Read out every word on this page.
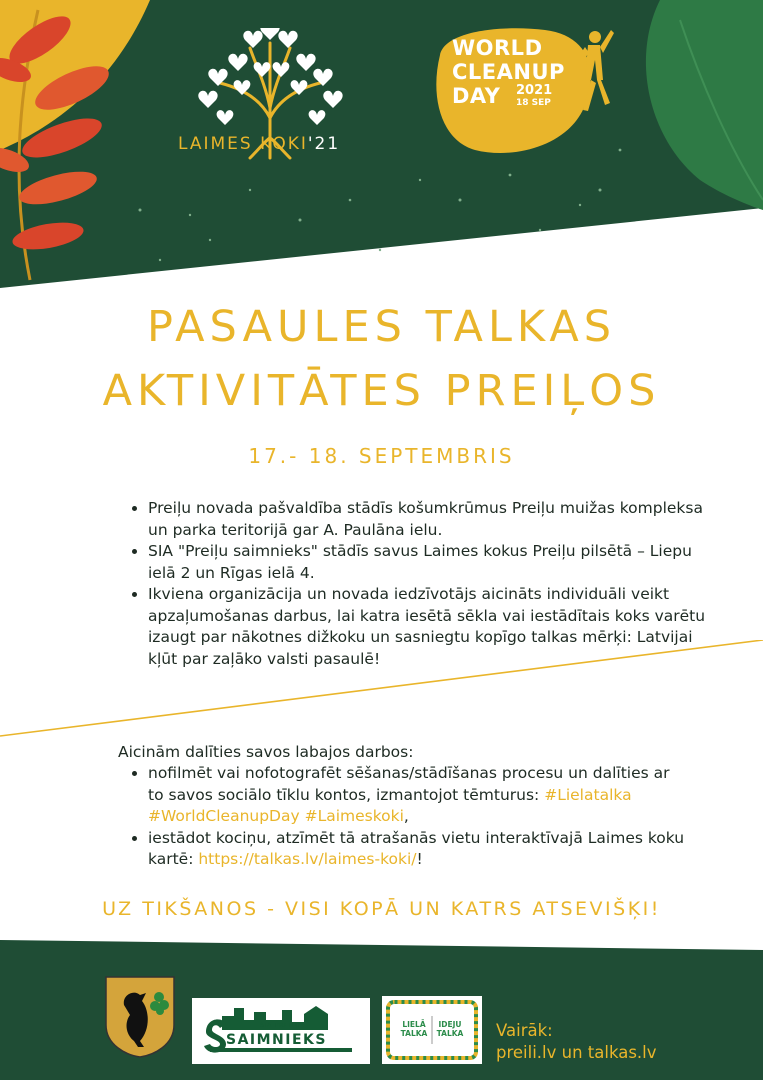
LAIMES KOKI'21

WORLD

CLEANUP

DAY 2021

18 SEP

PASAULES TALKAS
AKTIVITĀTES PREIĻOS

17.- 18. SEPTEMBRIS

• Preiļu novada pašvaldība stādīs košumkrūmus Preiļu muižas kompleksa un parka teritorijā gar A. Paulāna ielu.
• SIA "Preiļu saimnieks" stādīs savus Laimes kokus Preiļu pilsētā – Liepu ielā 2 un Rīgas ielā 4.
• Ikviena organizācija un novada iedzīvotājs aicināts individuāli veikt apzaļumošanas darbus, lai katra iesētā sēkla vai iestādītais koks varētu izaugt par nākotnes dižkoku un sasniegtu kopīgo talkas mērķi: Latvijai kļūt par zaļāko valsti pasaulē!

Aicinām dalīties savos labajos darbos:

• nofilmēt vai nofotografēt sēšanas/stādīšanas procesu un dalīties ar to savos sociālo tīklu kontos, izmantojot tēmturus: #Lielatalka #WorldCleanupDay #Laimeskoki,
• iestādot kociņu, atzīmēt tā atrašanās vietu interaktīvajā Laimes koku kartē: https://talkas.lv/laimes-koki/!

UZ TIKŠANOS - VISI KOPĀ UN KATRS ATSEVIŠĶI!

SIA PREIĻU

SAIMNIEKS

LIELĀ
TALKA

IDEJU
TALKA Vairāk:
preili.lv un talkas.lv
